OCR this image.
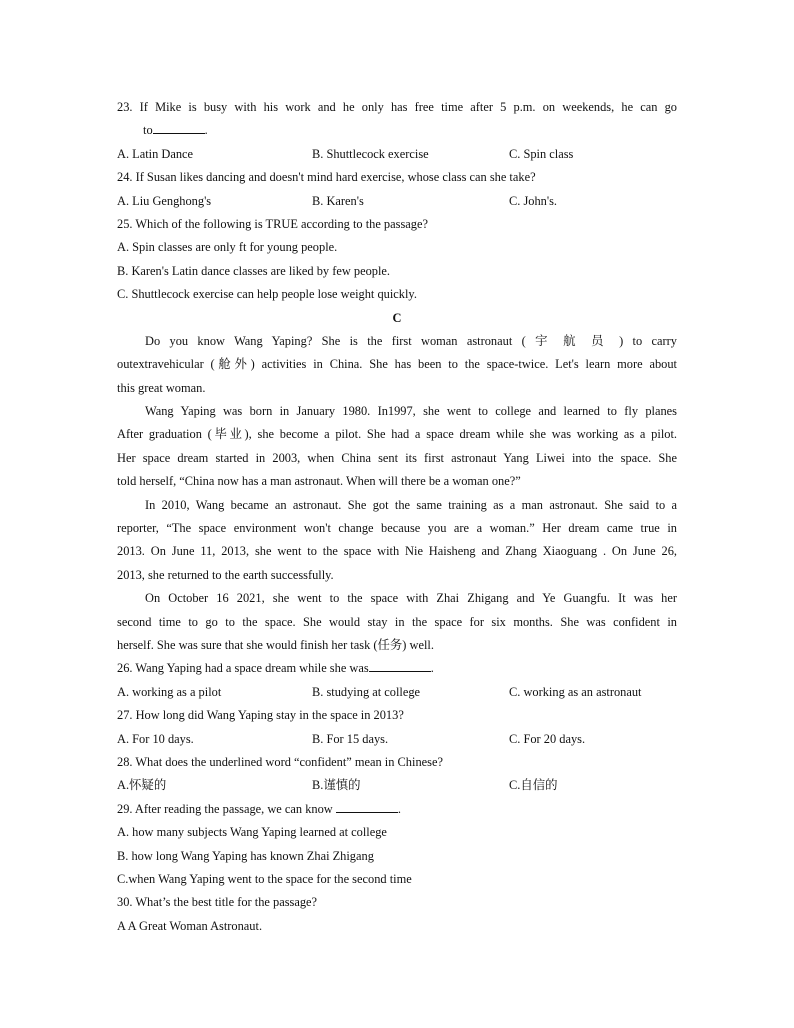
23. If Mike is busy with his work and he only has free time after 5 p.m. on weekends, he can go
to	.
A. Latin Dance	B. Shuttlecock exercise	C. Spin class
24. If Susan likes dancing and doesn't mind hard exercise, whose class can she take?
A. Liu Genghong's	B. Karen's	C. John's.
25. Which of the following is TRUE according to the passage?
A. Spin classes are only ft for young people.
B. Karen's Latin dance classes are liked by few people.
C. Shuttlecock exercise can help people lose weight quickly.
C
Do you know Wang Yaping? She is the first woman astronaut ( 宇 航 员 ) to carry
outextravehicular (舱外) activities in China. She has been to the space-twice. Let's learn more about
this great woman.
Wang Yaping was born in January 1980. In1997, she went to college and learned to fly planes
After graduation (毕业), she become a pilot. She had a space dream while she was working as a pilot.
Her space dream started in 2003, when China sent its first astronaut Yang Liwei into the space. She
told herself, “China now has a man astronaut. When will there be a woman one?”
In 2010, Wang became an astronaut. She got the same training as a man astronaut. She said to a
reporter, “The space environment won't change because you are a woman.” Her dream came true in
2013. On June 11, 2013, she went to the space with Nie Haisheng and Zhang Xiaoguang . On June 26,
2013, she returned to the earth successfully.
On October 16 2021, she went to the space with Zhai Zhigang and Ye Guangfu. It was her
second time to go to the space. She would stay in the space for six months. She was confident in
herself. She was sure that she would finish her task (任务) well.
26. Wang Yaping had a space dream while she was	.
A. working as a pilot	B. studying at college	C. working as an astronaut
27. How long did Wang Yaping stay in the space in 2013?
A. For 10 days.	B. For 15 days.	C. For 20 days.
28. What does the underlined word “confident” mean in Chinese?
A.怀疑的	B.谨慎的	C.自信的
29. After reading the passage, we can know	.
A. how many subjects Wang Yaping learned at college
B. how long Wang Yaping has known Zhai Zhigang
C.when Wang Yaping went to the space for the second time
30. What’s the best title for the passage?
A A Great Woman Astronaut.
